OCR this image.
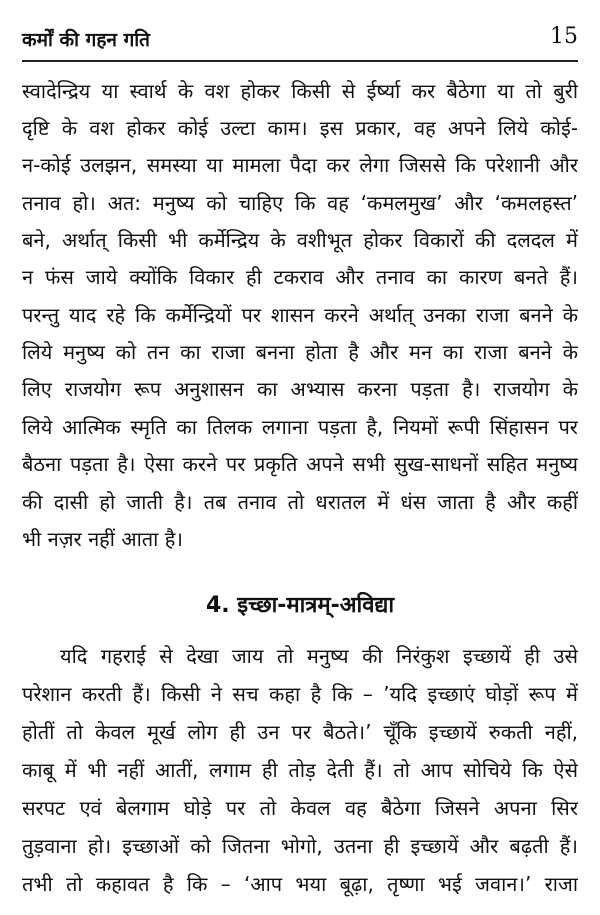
कर्मों की गहन गति	15
स्वादेन्द्रिय या स्वार्थ के वश होकर किसी से ईर्ष्या कर बैठेगा या तो बुरी
दृष्टि के वश होकर कोई उल्टा काम। इस प्रकार, वह अपने लिये कोई-
न-कोई उलझन, समस्या या मामला पैदा कर लेगा जिससे कि परेशानी और
तनाव हो। अत: मनुष्य को चाहिए कि वह ‘कमलमुख’ और ‘कमलहस्त’
बने, अर्थात् किसी भी कर्मेन्द्रिय के वशीभूत होकर विकारों की दलदल में
न फंस जाये क्योंकि विकार ही टकराव और तनाव का कारण बनते हैं।
परन्तु याद रहे कि कर्मेन्द्रियों पर शासन करने अर्थात् उनका राजा बनने के
लिये मनुष्य को तन का राजा बनना होता है और मन का राजा बनने के
लिए राजयोग रूप अनुशासन का अभ्यास करना पड़ता है। राजयोग के
लिये आत्मिक स्मृति का तिलक लगाना पड़ता है, नियमों रूपी सिंहासन पर
बैठना पड़ता है। ऐसा करने पर प्रकृति अपने सभी सुख-साधनों सहित मनुष्य
की दासी हो जाती है। तब तनाव तो धरातल में धंस जाता है और कहीं
भी नज़र नहीं आता है।
4. इच्छा-मात्रम्-अविद्या
यदि गहराई से देखा जाय तो मनुष्य की निरंकुश इच्छायें ही उसे
परेशान करती हैं। किसी ने सच कहा है कि – ’यदि इच्छाएं घोड़ों रूप में
होतीं तो केवल मूर्ख लोग ही उन पर बैठते।’ चूँकि इच्छायें रुकती नहीं,
काबू में भी नहीं आतीं, लगाम ही तोड़ देती हैं। तो आप सोचिये कि ऐसे
सरपट एवं बेलगाम घोड़े पर तो केवल वह बैठेगा जिसने अपना सिर
तुड़वाना हो। इच्छाओं को जितना भोगो, उतना ही इच्छायें और बढ़ती हैं।
तभी तो कहावत है कि – ‘आप भया बूढ़ा, तृष्णा भई जवान।’ राजा
